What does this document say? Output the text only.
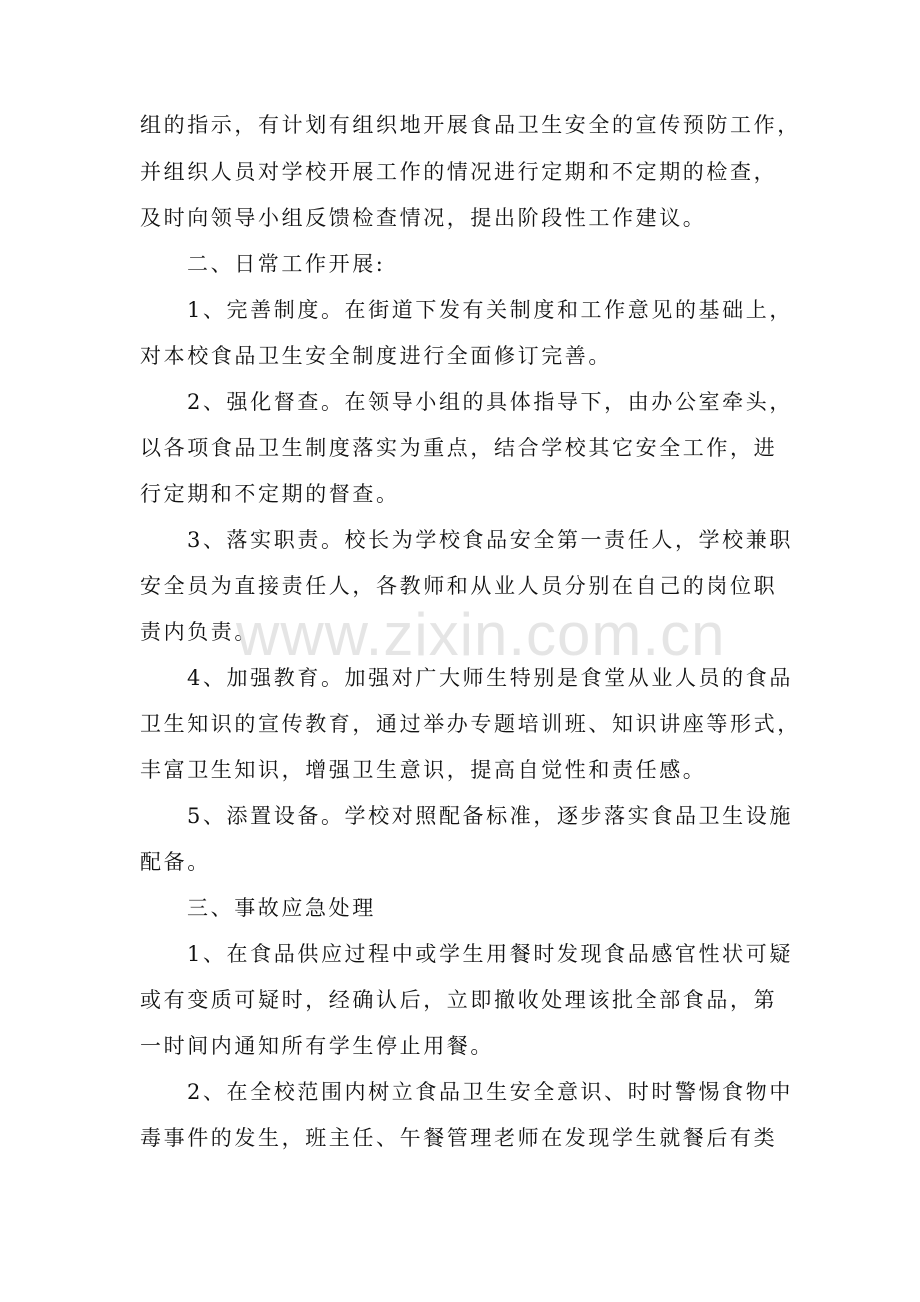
组的指示，有计划有组织地开展食品卫生安全的宣传预防工作，
并组织人员对学校开展工作的情况进行定期和不定期的检查，
及时向领导小组反馈检查情况，提出阶段性工作建议。
二、日常工作开展:
1、完善制度。在街道下发有关制度和工作意见的基础上，
对本校食品卫生安全制度进行全面修订完善。
2、强化督查。在领导小组的具体指导下，由办公室牵头，
以各项食品卫生制度落实为重点，结合学校其它安全工作，进
行定期和不定期的督查。
3、落实职责。校长为学校食品安全第一责任人，学校兼职
安全员为直接责任人，各教师和从业人员分别在自己的岗位职
责内负责。
4、加强教育。加强对广大师生特别是食堂从业人员的食品
卫生知识的宣传教育，通过举办专题培训班、知识讲座等形式，
丰富卫生知识，增强卫生意识，提高自觉性和责任感。
5、添置设备。学校对照配备标准，逐步落实食品卫生设施
配备。
三、事故应急处理
1、在食品供应过程中或学生用餐时发现食品感官性状可疑
或有变质可疑时，经确认后，立即撤收处理该批全部食品，第
一时间内通知所有学生停止用餐。
2、在全校范围内树立食品卫生安全意识、时时警惕食物中
毒事件的发生，班主任、午餐管理老师在发现学生就餐后有类
www.zixin.com.cn
